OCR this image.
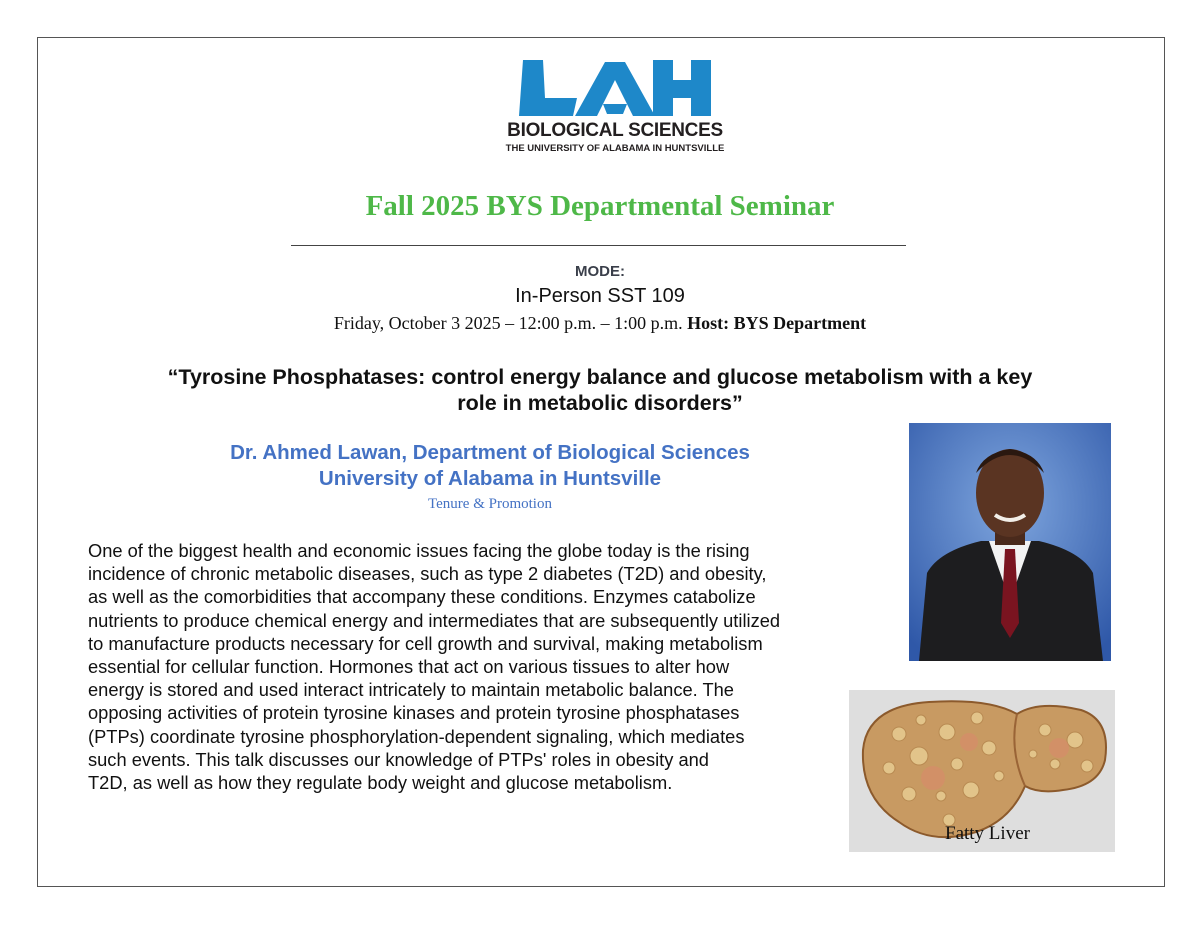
BIOLOGICAL SCIENCES
THE UNIVERSITY OF ALABAMA IN HUNTSVILLE
Fall 2025 BYS Departmental Seminar
MODE:
In-Person SST 109
Friday, October 3 2025 – 12:00 p.m. – 1:00 p.m. Host: BYS Department
“Tyrosine Phosphatases: control energy balance and glucose metabolism with a key
role in metabolic disorders”
Dr. Ahmed Lawan, Department of Biological Sciences
University of Alabama in Huntsville
Tenure & Promotion
One of the biggest health and economic issues facing the globe today is the rising
incidence of chronic metabolic diseases, such as type 2 diabetes (T2D) and obesity,
as well as the comorbidities that accompany these conditions. Enzymes catabolize
nutrients to produce chemical energy and intermediates that are subsequently utilized
to manufacture products necessary for cell growth and survival, making metabolism
essential for cellular function. Hormones that act on various tissues to alter how
energy is stored and used interact intricately to maintain metabolic balance. The
opposing activities of protein tyrosine kinases and protein tyrosine phosphatases
(PTPs) coordinate tyrosine phosphorylation-dependent signaling, which mediates
such events. This talk discusses our knowledge of PTPs' roles in obesity and
T2D, as well as how they regulate body weight and glucose metabolism.
Fatty Liver
